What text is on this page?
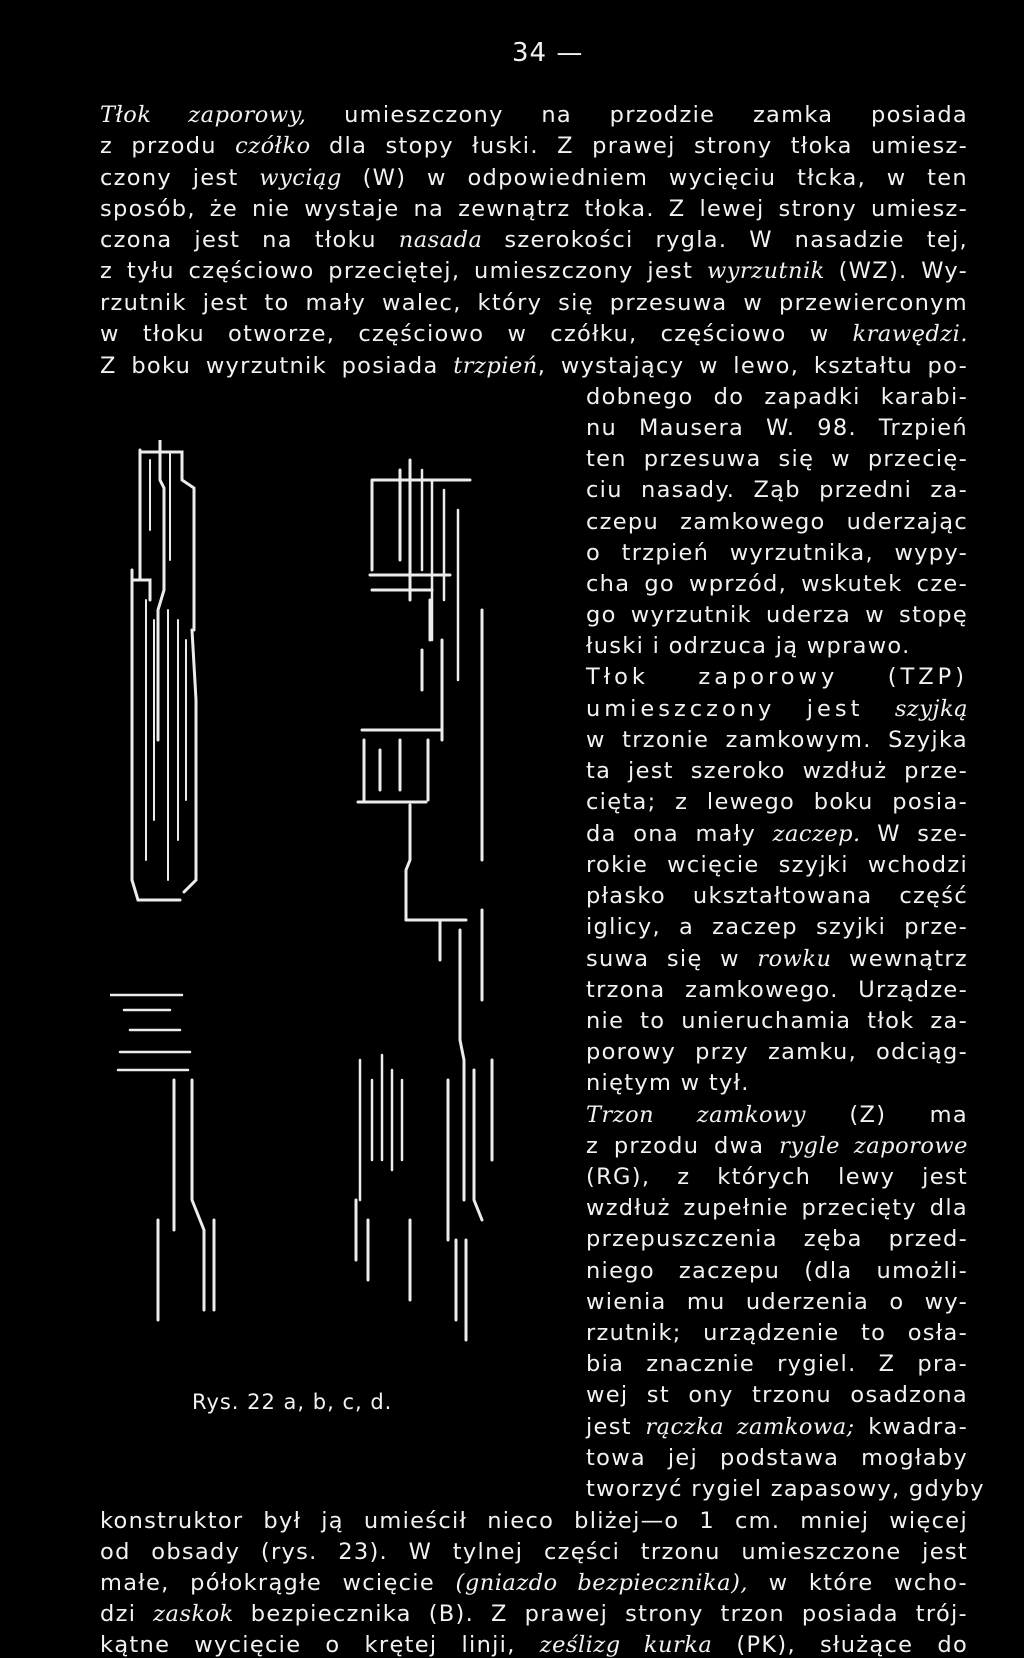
34 —
Tłok zaporowy, umieszczony na przodzie zamka posiada
z przodu czółko dla stopy łuski. Z prawej strony tłoka umiesz-
czony jest wyciąg (W) w odpowiedniem wycięciu tłcka, w ten
sposób, że nie wystaje na zewnątrz tłoka. Z lewej strony umiesz-
czona jest na tłoku nasada szerokości rygla. W nasadzie tej,
z tyłu częściowo przeciętej, umieszczony jest wyrzutnik (WZ). Wy-
rzutnik jest to mały walec, który się przesuwa w przewierconym
w tłoku otworze, częściowo w czółku, częściowo w krawędzi.
Z boku wyrzutnik posiada trzpień, wystający w lewo, kształtu po-
dobnego do zapadki karabi-
nu Mausera W. 98. Trzpień
ten przesuwa się w przecię-
ciu nasady. Ząb przedni za-
czepu zamkowego uderzając
o trzpień wyrzutnika, wypy-
cha go wprzód, wskutek cze-
go wyrzutnik uderza w stopę
łuski i odrzuca ją wprawo.
Tłok zaporowy (TZP)
umieszczony jest szyjką
w trzonie zamkowym. Szyjka
ta jest szeroko wzdłuż prze-
cięta; z lewego boku posia-
da ona mały zaczep. W sze-
rokie wcięcie szyjki wchodzi
płasko ukształtowana część
iglicy, a zaczep szyjki prze-
suwa się w rowku wewnątrz
trzona zamkowego. Urządze-
nie to unieruchamia tłok za-
porowy przy zamku, odciąg-
niętym w tył.
Trzon zamkowy (Z) ma
z przodu dwa rygle zaporowe
(RG), z których lewy jest
wzdłuż zupełnie przecięty dla
przepuszczenia zęba przed-
niego zaczepu (dla umożli-
wienia mu uderzenia o wy-
rzutnik; urządzenie to osła-
bia znacznie rygiel. Z pra-
wej st ony trzonu osadzona
jest rączka zamkowa; kwadra-
towa jej podstawa mogłaby
tworzyć rygiel zapasowy, gdyby
konstruktor był ją umieścił nieco bliżej—o 1 cm. mniej więcej
od obsady (rys. 23). W tylnej części trzonu umieszczone jest
małe, półokrągłe wcięcie (gniazdo bezpiecznika), w które wcho-
dzi zaskok bezpiecznika (B). Z prawej strony trzon posiada trój-
kątne wycięcie o krętej linji, ześlizg kurka (PK), służące do
Rys. 22 a, b, c, d.
